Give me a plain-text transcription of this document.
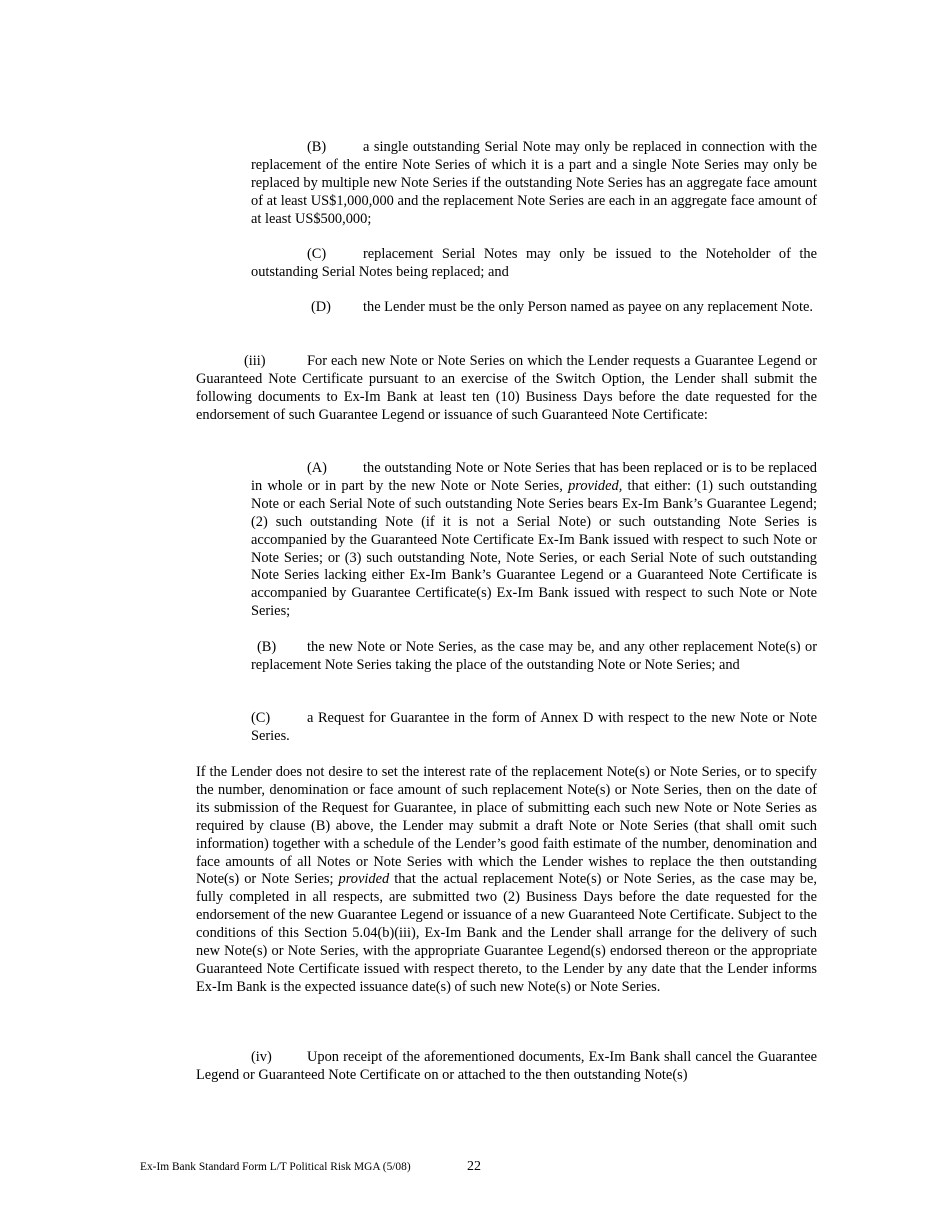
(B)	a single outstanding Serial Note may only be replaced in connection with the replacement of the entire Note Series of which it is a part and a single Note Series may only be replaced by multiple new Note Series if the outstanding Note Series has an aggregate face amount of at least US$1,000,000 and the replacement Note Series are each in an aggregate face amount of at least US$500,000;

(C)	replacement Serial Notes may only be issued to the Noteholder of the outstanding Serial Notes being replaced; and

(D) the Lender must be the only Person named as payee on any replacement Note.

(iii)	For each new Note or Note Series on which the Lender requests a Guarantee Legend or Guaranteed Note Certificate pursuant to an exercise of the Switch Option, the Lender shall submit the following documents to Ex-Im Bank at least ten (10) Business Days before the date requested for the endorsement of such Guarantee Legend or issuance of such Guaranteed Note Certificate:

(A)	the outstanding Note or Note Series that has been replaced or is to be replaced in whole or in part by the new Note or Note Series, provided, that either: (1) such outstanding Note or each Serial Note of such outstanding Note Series bears Ex-Im Bank’s Guarantee Legend; (2) such outstanding Note (if it is not a Serial Note) or such outstanding Note Series is accompanied by the Guaranteed Note Certificate Ex-Im Bank issued with respect to such Note or Note Series; or (3) such outstanding Note, Note Series, or each Serial Note of such outstanding Note Series lacking either Ex-Im Bank’s Guarantee Legend or a Guaranteed Note Certificate is accompanied by Guarantee Certificate(s) Ex-Im Bank issued with respect to such Note or Note Series;

(B) the new Note or Note Series, as the case may be, and any other replacement Note(s) or replacement Note Series taking the place of the outstanding Note or Note Series; and

(C)	a Request for Guarantee in the form of Annex D with respect to the new Note or Note Series.

If the Lender does not desire to set the interest rate of the replacement Note(s) or Note Series, or to specify the number, denomination or face amount of such replacement Note(s) or Note Series, then on the date of its submission of the Request for Guarantee, in place of submitting each such new Note or Note Series as required by clause (B) above, the Lender may submit a draft Note or Note Series (that shall omit such information) together with a schedule of the Lender’s good faith estimate of the number, denomination and face amounts of all Notes or Note Series with which the Lender wishes to replace the then outstanding Note(s) or Note Series; provided that the actual replacement Note(s) or Note Series, as the case may be, fully completed in all respects, are submitted two (2) Business Days before the date requested for the endorsement of the new Guarantee Legend or issuance of a new Guaranteed Note Certificate. Subject to the conditions of this Section 5.04(b)(iii), Ex-Im Bank and the Lender shall arrange for the delivery of such new Note(s) or Note Series, with the appropriate Guarantee Legend(s) endorsed thereon or the appropriate Guaranteed Note Certificate issued with respect thereto, to the Lender by any date that the Lender informs Ex-Im Bank is the expected issuance date(s) of such new Note(s) or Note Series.

(iv) Upon receipt of the aforementioned documents, Ex-Im Bank shall cancel the Guarantee Legend or Guaranteed Note Certificate on or attached to the then outstanding Note(s)

Ex-Im Bank Standard Form L/T Political Risk MGA (5/08)	22
